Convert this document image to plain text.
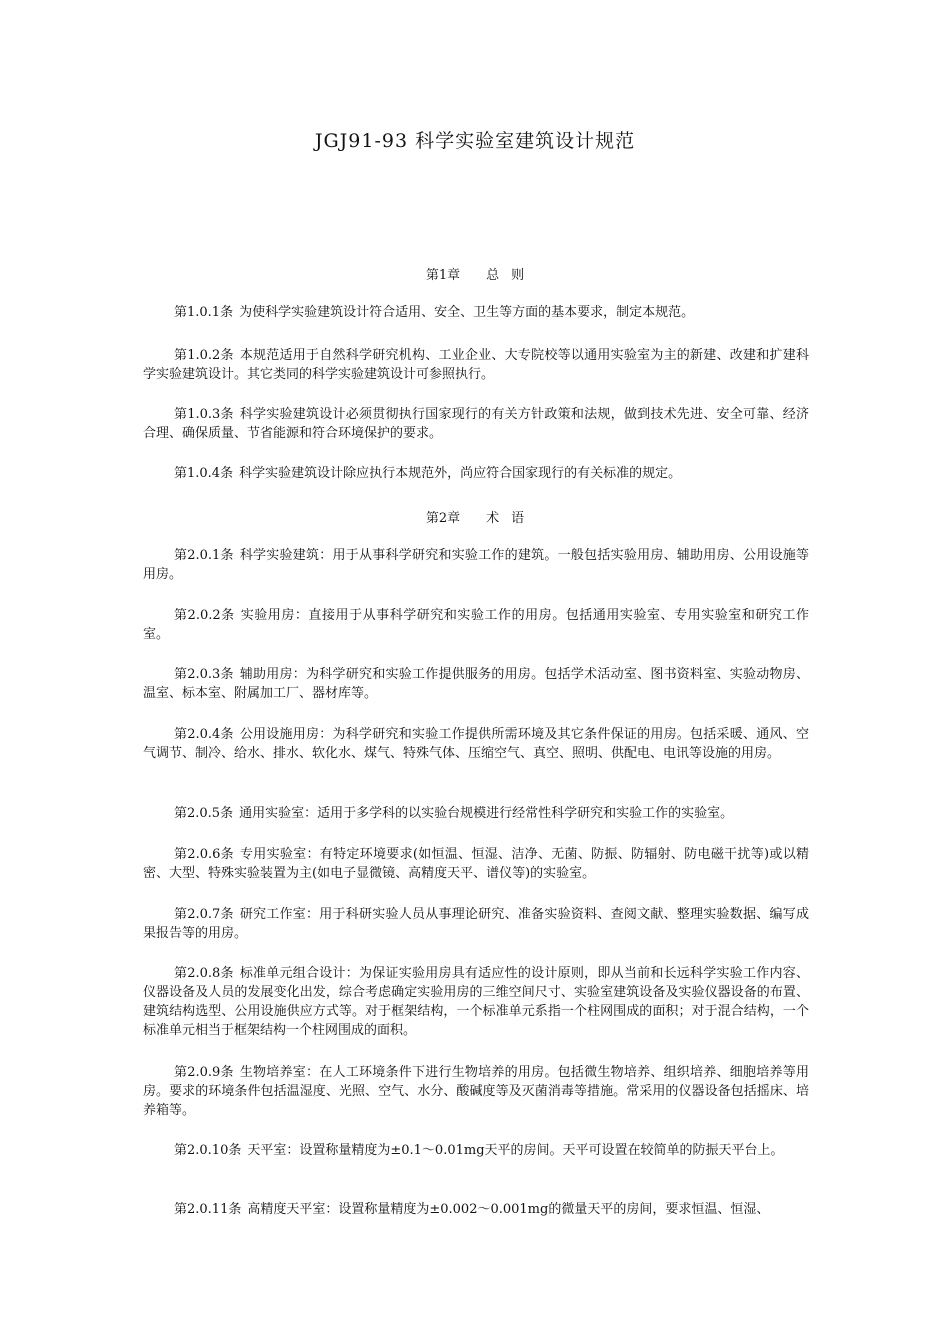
JGJ91-93 科学实验室建筑设计规范
第1章 总 则

第1.0.1条 为使科学实验建筑设计符合适用、安全、卫生等方面的基本要求，制定本规范。

第1.0.2条 本规范适用于自然科学研究机构、工业企业、大专院校等以通用实验室为主的新建、改建和扩建科学实验建筑设计。其它类同的科学实验建筑设计可参照执行。

第1.0.3条 科学实验建筑设计必须贯彻执行国家现行的有关方针政策和法规，做到技术先进、安全可靠、经济合理、确保质量、节省能源和符合环境保护的要求。

第1.0.4条 科学实验建筑设计除应执行本规范外，尚应符合国家现行的有关标准的规定。

第2章 术 语

第2.0.1条 科学实验建筑：用于从事科学研究和实验工作的建筑。一般包括实验用房、辅助用房、公用设施等用房。

第2.0.2条 实验用房：直接用于从事科学研究和实验工作的用房。包括通用实验室、专用实验室和研究工作室。

第2.0.3条 辅助用房：为科学研究和实验工作提供服务的用房。包括学术活动室、图书资料室、实验动物房、温室、标本室、附属加工厂、器材库等。

第2.0.4条 公用设施用房：为科学研究和实验工作提供所需环境及其它条件保证的用房。包括采暖、通风、空气调节、制冷、给水、排水、软化水、煤气、特殊气体、压缩空气、真空、照明、供配电、电讯等设施的用房。

第2.0.5条 通用实验室：适用于多学科的以实验台规模进行经常性科学研究和实验工作的实验室。

第2.0.6条 专用实验室：有特定环境要求(如恒温、恒湿、洁净、无菌、防振、防辐射、防电磁干扰等)或以精密、大型、特殊实验装置为主(如电子显微镜、高精度天平、谱仪等)的实验室。

第2.0.7条 研究工作室：用于科研实验人员从事理论研究、准备实验资料、查阅文献、整理实验数据、编写成果报告等的用房。

第2.0.8条 标准单元组合设计：为保证实验用房具有适应性的设计原则，即从当前和长远科学实验工作内容、仪器设备及人员的发展变化出发，综合考虑确定实验用房的三维空间尺寸、实验室建筑设备及实验仪器设备的布置、建筑结构选型、公用设施供应方式等。对于框架结构，一个标准单元系指一个柱网围成的面积；对于混合结构，一个标准单元相当于框架结构一个柱网围成的面积。

第2.0.9条 生物培养室：在人工环境条件下进行生物培养的用房。包括微生物培养、组织培养、细胞培养等用房。要求的环境条件包括温湿度、光照、空气、水分、酸碱度等及灭菌消毒等措施。常采用的仪器设备包括摇床、培养箱等。

第2.0.10条 天平室：设置称量精度为±0.1～0.01mg天平的房间。天平可设置在较简单的防振天平台上。

第2.0.11条 高精度天平室：设置称量精度为±0.002～0.001mg的微量天平的房间，要求恒温、恒湿、
